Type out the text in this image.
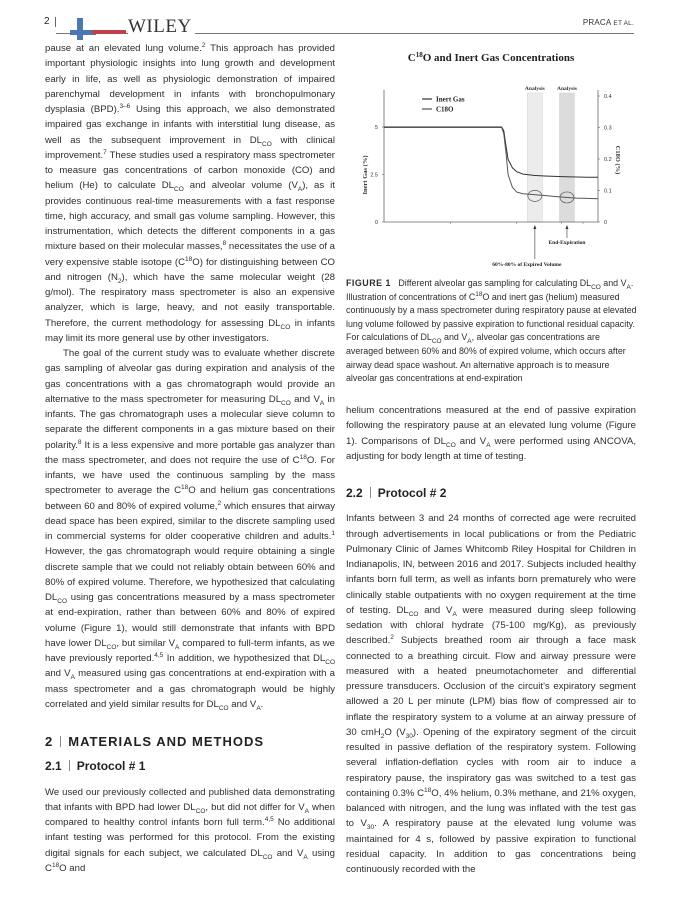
2	WILEY	PRACA ET AL.

pause at an elevated lung volume.$^2$ This approach has provided important physiologic insights into lung growth and development early in life, as well as physiologic demonstration of impaired parenchymal development in infants with bronchopulmonary dysplasia (BPD).$^{3-6}$ Using this approach, we also demonstrated impaired gas exchange in infants with interstitial lung disease, as well as the subsequent improvement in $DL_{CO}$ with clinical improvement.$^7$ These studies used a respiratory mass spectrometer to measure gas concentrations of carbon monoxide (CO) and helium (He) to calculate $DL_{CO}$ and alveolar volume $(V_A)$, as it provides continuous real-time measurements with a fast response time, high accuracy, and small gas volume sampling. However, this instrumentation, which detects the different components in a gas mixture based on their molecular masses,$^8$ necessitates the use of a very expensive stable isotope $(C^{18}O)$ for distinguishing between CO and nitrogen $(N_2)$, which have the same molecular weight (28 g/mol). The respiratory mass spectrometer is also an expensive analyzer, which is large, heavy, and not easily transportable. Therefore, the current methodology for assessing $DL_{CO}$ in infants may limit its more general use by other investigators.

The goal of the current study was to evaluate whether discrete gas sampling of alveolar gas during expiration and analysis of the gas concentrations with a gas chromatograph would provide an alternative to the mass spectrometer for measuring $DL_{CO}$ and $V_A$ in infants. The gas chromatograph uses a molecular sieve column to separate the different components in a gas mixture based on their polarity.$^8$ It is a less expensive and more portable gas analyzer than the mass spectrometer, and does not require the use of $C^{18}O$. For infants, we have used the continuous sampling by the mass spectrometer to average the $C^{18}O$ and helium gas concentrations between 60 and 80% of expired volume,$^2$ which ensures that airway dead space has been expired, similar to the discrete sampling used in commercial systems for older cooperative children and adults.$^1$ However, the gas chromatograph would require obtaining a single discrete sample that we could not reliably obtain between 60% and 80% of expired volume. Therefore, we hypothesized that calculating $DL_{CO}$ using gas concentrations measured by a mass spectrometer at end-expiration, rather than between 60% and 80% of expired volume (Figure 1), would still demonstrate that infants with BPD have lower $DL_{CO}$, but similar $V_A$ compared to full-term infants, as we have previously reported.$^{4,5}$ In addition, we hypothesized that $DL_{CO}$ and $V_A$ measured using gas concentrations at end-expiration with a mass spectrometer and a gas chromatograph would be highly correlated and yield similar results for $DL_{CO}$ and $V_A$.

2 MATERIALS AND METHODS

2.1 Protocol # 1

We used our previously collected and published data demonstrating that infants with BPD had lower $DL_{CO}$, but did not differ for $V_A$ when compared to healthy control infants born full term.$^{4,5}$ No additional infant testing was performed for this protocol. From the existing digital signals for each subject, we calculated $DL_{CO}$ and $V_A$ using $C^{18}O$ and

$C^{18}O$ and Inert Gas Concentrations
Analysis Analysis
0
2.5
5
0
0.1
0.2
0.3
0.4
Inert Gas (%)	C18O (%)
Inert Gas
C18O
End-Expiration
60%-80% of Expired Volume
FIGURE 1 Different alveolar gas sampling for calculating $DL_{CO}$ and $V_A$. Illustration of concentrations of $C^{18}O$ and inert gas (helium) measured continuously by a mass spectrometer during respiratory pause at elevated lung volume followed by passive expiration to functional residual capacity. For calculations of $DL_{CO}$ and $V_A$, alveolar gas concentrations are averaged between 60% and 80% of expired volume, which occurs after airway dead space washout. An alternative approach is to measure alveolar gas concentrations at end-expiration

helium concentrations measured at the end of passive expiration following the respiratory pause at an elevated lung volume (Figure 1). Comparisons of $DL_{CO}$ and $V_A$ were performed using ANCOVA, adjusting for body length at time of testing.

2.2 Protocol # 2

Infants between 3 and 24 months of corrected age were recruited through advertisements in local publications or from the Pediatric Pulmonary Clinic of James Whitcomb Riley Hospital for Children in Indianapolis, IN, between 2016 and 2017. Subjects included healthy infants born full term, as well as infants born prematurely who were clinically stable outpatients with no oxygen requirement at the time of testing. $DL_{CO}$ and $V_A$ were measured during sleep following sedation with chloral hydrate (75-100 mg/Kg), as previously described.$^2$ Subjects breathed room air through a face mask connected to a breathing circuit. Flow and airway pressure were measured with a heated pneumotachometer and differential pressure transducers. Occlusion of the circuit's expiratory segment allowed a 20 L per minute (LPM) bias flow of compressed air to inflate the respiratory system to a volume at an airway pressure of 30 cmH$_2$O $(V_{30})$. Opening of the expiratory segment of the circuit resulted in passive deflation of the respiratory system. Following several inflation-deflation cycles with room air to induce a respiratory pause, the inspiratory gas was switched to a test gas containing 0.3% $C^{18}O$, 4% helium, 0.3% methane, and 21% oxygen, balanced with nitrogen, and the lung was inflated with the test gas to $V_{30}$. A respiratory pause at the elevated lung volume was maintained for 4 s, followed by passive expiration to functional residual capacity. In addition to gas concentrations being continuously recorded with the
